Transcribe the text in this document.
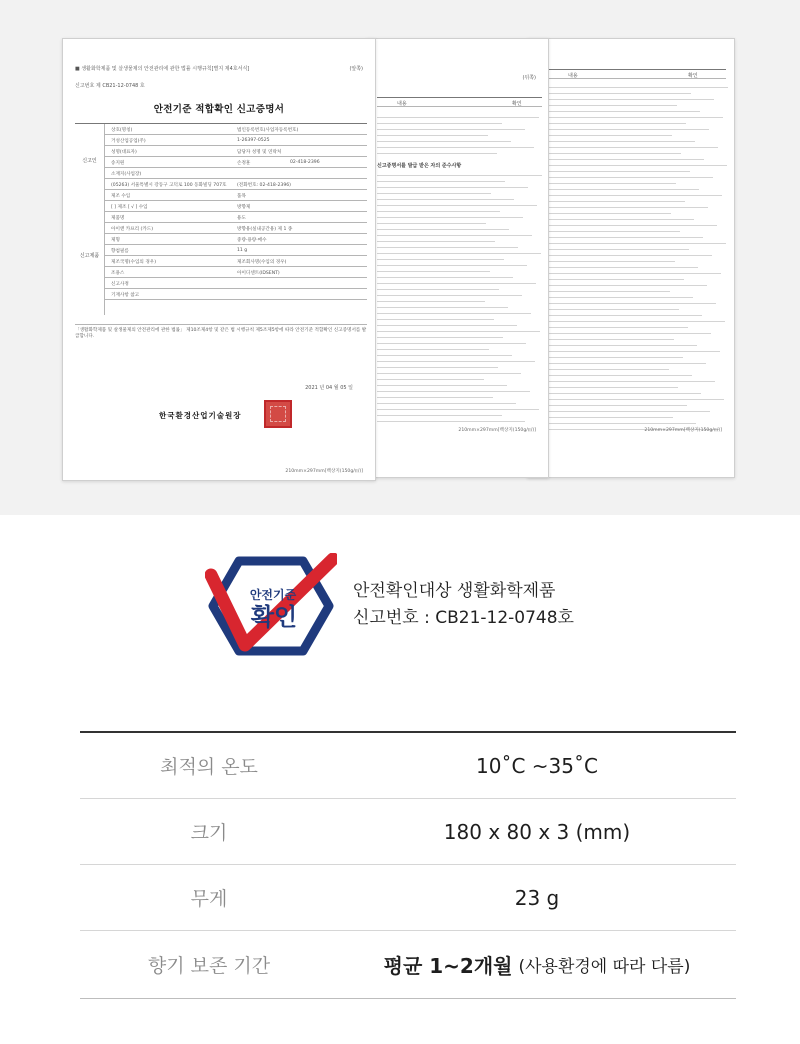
내용	확인
210mm×297mm[백상지(150g/㎡)]
(뒤쪽)
내용	확인
신고증명서를 발급 받은 자의 준수사항
210mm×297mm[백상지(150g/㎡)]
■ 생활화학제품 및 살생물제의 안전관리에 관한 법률 시행규칙[별지 제4호서식]	(앞쪽)
신고번호 제 CB21-12-0748 호
안전기준 적합확인 신고증명서
상호(명칭)	법인등록번호(사업자등록번호)
거성산업공업(주)	1-26397-0525
성명(대표자)	담당자 성명 및 연락처
송지원	손정훈	02-418-2396
소재지(사업장)
(05263) 서울특별시 강동구 고덕로 100 동화빌딩 707호 (전화번호: 02-418-2396)
제조 수입	품목
[ ] 제조 [ √ ] 수입	방향제
제품명	용도
아이앤 카프리 (카드)	방향용(실내공간용) 제 1 종
제형	중량·용량·매수
향첨필름	11 g
제조국명(수입의 경우)	제조회사명(수입의 경우)
조용스	아이디센트(IDSENT)
신고사정
기재사항 참고
신고인
신고제품
「생활화학제품 및 살생물제의 안전관리에 관한 법률」 제10조제4항 및 같은 법 시행규칙 제5조제5항에 따라 안전기준 적합확인 신고증명서를 발급합니다.
2021 년 04 월 05 일
한국환경산업기술원장
210mm×297mm[백상지(150g/㎡)]
안전기준
확인
안전확인대상 생활화학제품
신고번호 : CB21-12-0748호
최적의 온도	10˚C ~35˚C
크기	180 x 80 x 3 (mm)
무게	23 g
향기 보존 기간	평균 1~2개월 (사용환경에 따라 다름)
